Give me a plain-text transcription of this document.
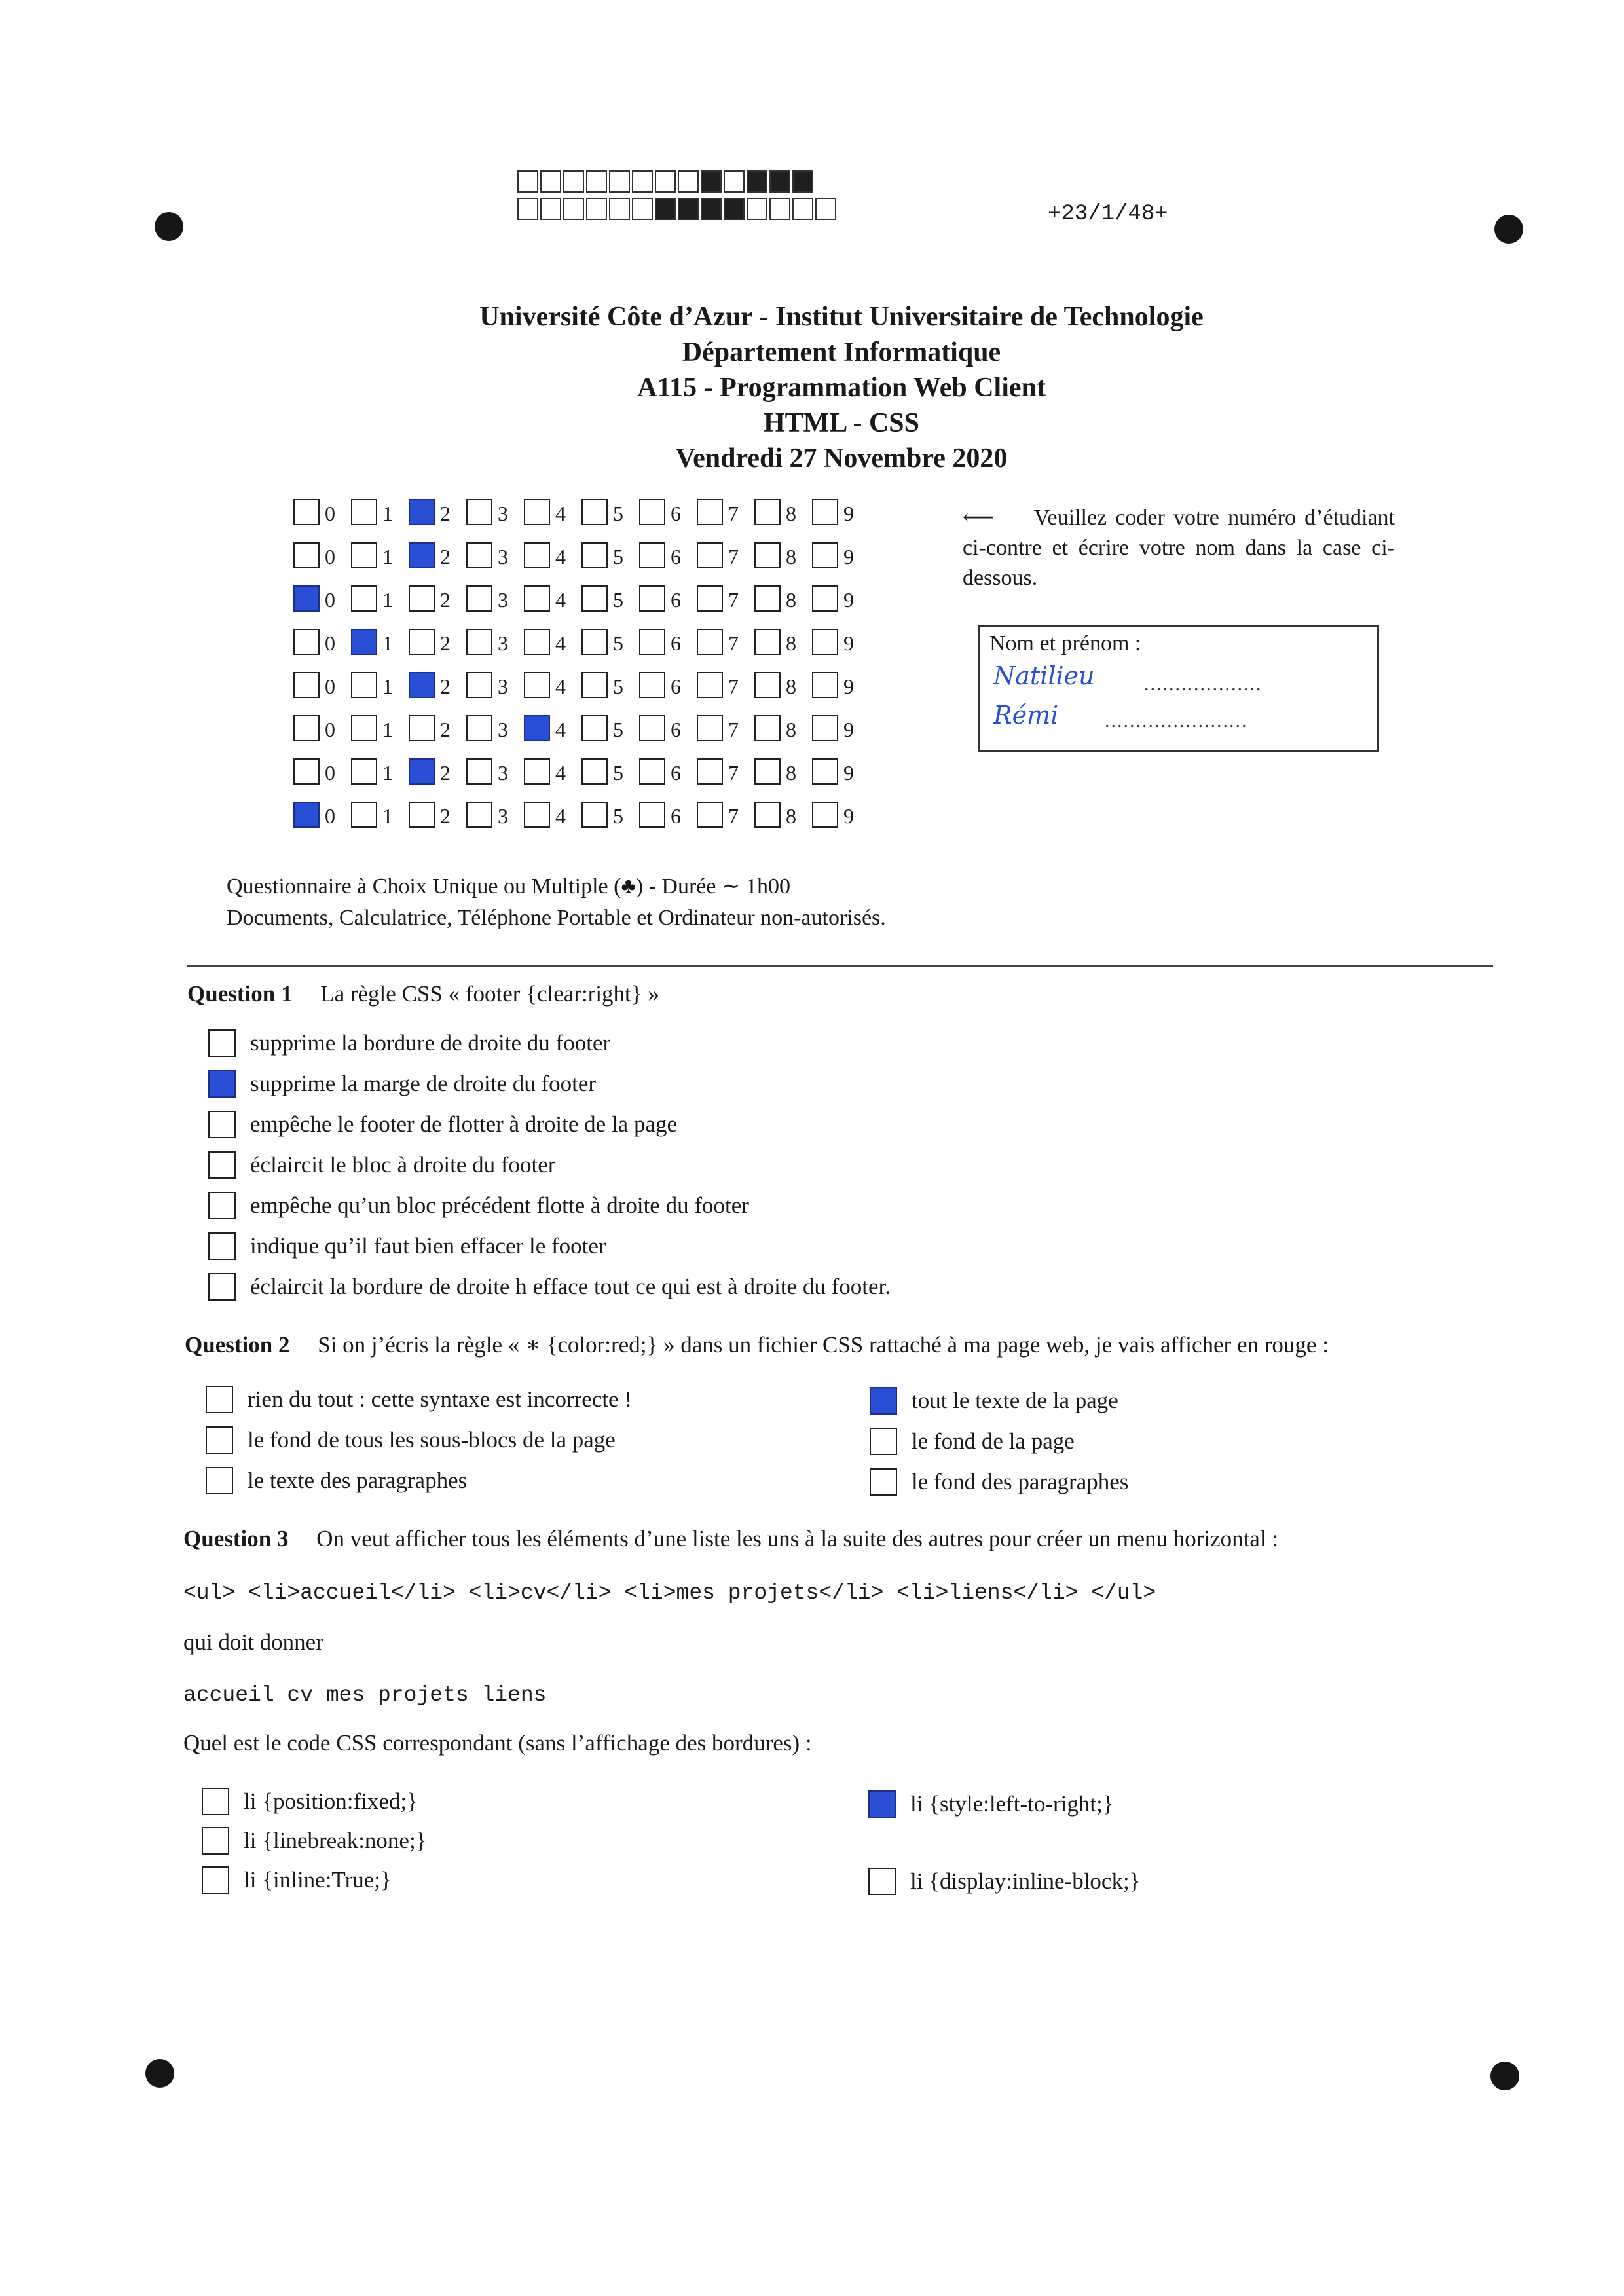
+23/1/48+
Université Côte d’Azur - Institut Universitaire de Technologie
Département Informatique
A115 - Programmation Web Client
HTML - CSS
Vendredi 27 Novembre 2020
0 1 2 3 4 5 6 7 8 9
0 1 2 3 4 5 6 7 8 9
0 1 2 3 4 5 6 7 8 9
0 1 2 3 4 5 6 7 8 9
0 1 2 3 4 5 6 7 8 9
0 1 2 3 4 5 6 7 8 9
0 1 2 3 4 5 6 7 8 9
0 1 2 3 4 5 6 7 8 9
⟵ Veuillez coder votre numéro d’étudiant ci-contre et écrire votre nom dans la case ci-dessous.
Nom et prénom :
Natilieu	...................
Rémi .......................
Questionnaire à Choix Unique ou Multiple (♣) - Durée ∼ 1h00
Documents, Calculatrice, Téléphone Portable et Ordinateur non-autorisés.
Question 1 La règle CSS « footer {clear:right} »
supprime la bordure de droite du footer
supprime la marge de droite du footer
empêche le footer de flotter à droite de la page
éclaircit le bloc à droite du footer
empêche qu’un bloc précédent flotte à droite du footer
indique qu’il faut bien effacer le footer
éclaircit la bordure de droite h efface tout ce qui est à droite du footer.
Question 2 Si on j’écris la règle « ∗ {color:red;} » dans un fichier CSS rattaché à ma page web, je vais afficher en rouge :
rien du tout : cette syntaxe est incorrecte !
le fond de tous les sous-blocs de la page
le texte des paragraphes
tout le texte de la page
le fond de la page
le fond des paragraphes
Question 3 On veut afficher tous les éléments d’une liste les uns à la suite des autres pour créer un menu horizontal :
<ul> <li>accueil</li> <li>cv</li> <li>mes projets</li> <li>liens</li> </ul>
qui doit donner
accueil cv mes projets liens
Quel est le code CSS correspondant (sans l’affichage des bordures) :
li {position:fixed;}
li {linebreak:none;}
li {inline:True;}
li {style:left-to-right;}
li {display:inline-block;}
